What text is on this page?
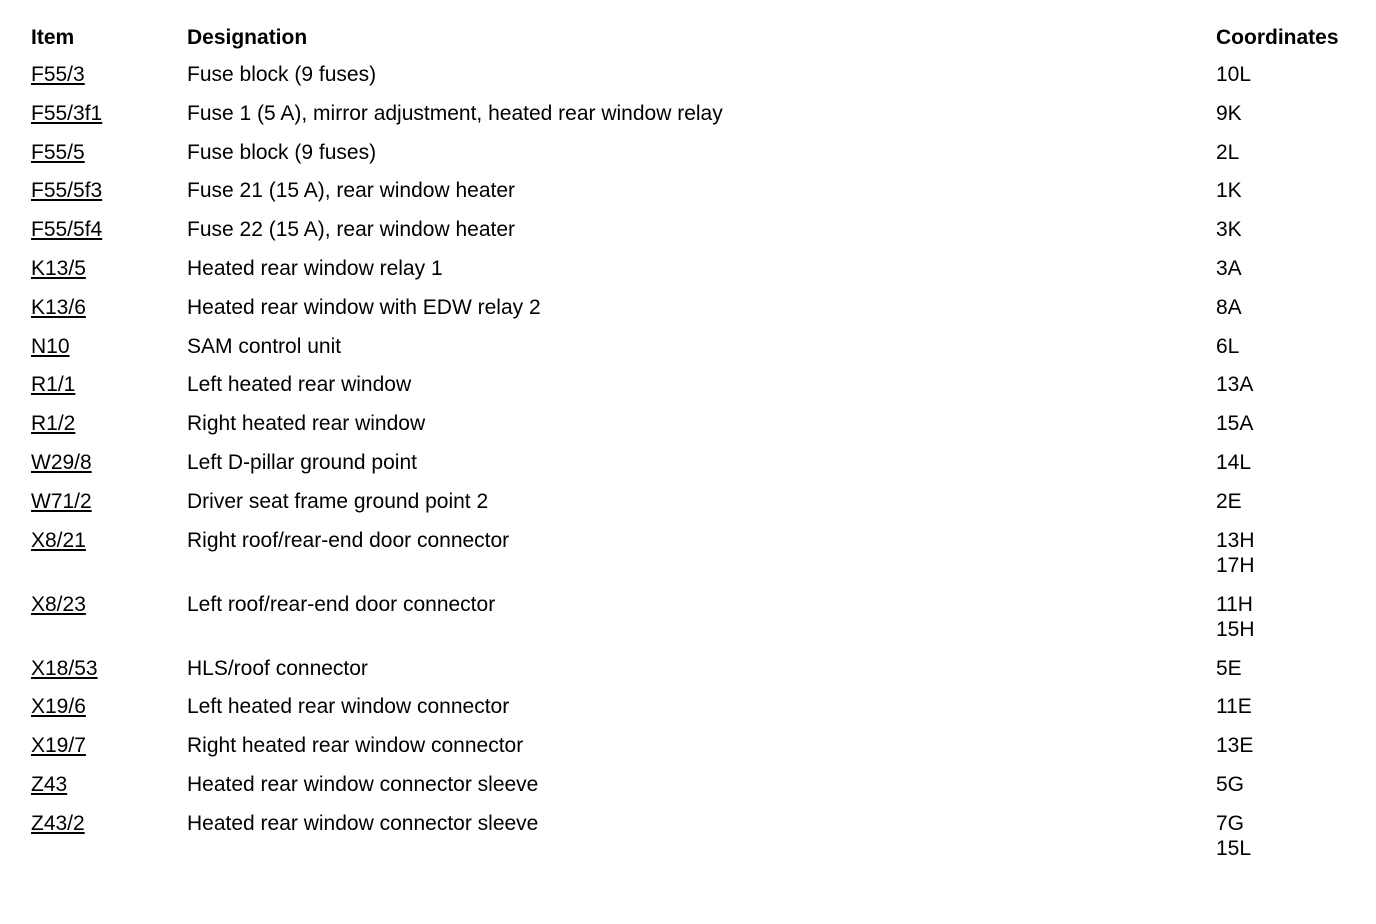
Item	Designation	Coordinates
F55/3	Fuse block (9 fuses)	10L
F55/3f1	Fuse 1 (5 A), mirror adjustment, heated rear window relay	9K
F55/5	Fuse block (9 fuses)	2L
F55/5f3	Fuse 21 (15 A), rear window heater	1K
F55/5f4	Fuse 22 (15 A), rear window heater	3K
K13/5	Heated rear window relay 1	3A
K13/6	Heated rear window with EDW relay 2	8A
N10	SAM control unit	6L
R1/1	Left heated rear window	13A
R1/2	Right heated rear window	15A
W29/8	Left D-pillar ground point	14L
W71/2	Driver seat frame ground point 2	2E
X8/21	Right roof/rear-end door connector	13H
17H
X8/23	Left roof/rear-end door connector	11H
15H
X18/53	HLS/roof connector	5E
X19/6	Left heated rear window connector	11E
X19/7	Right heated rear window connector	13E
Z43	Heated rear window connector sleeve	5G
Z43/2	Heated rear window connector sleeve	7G
15L
